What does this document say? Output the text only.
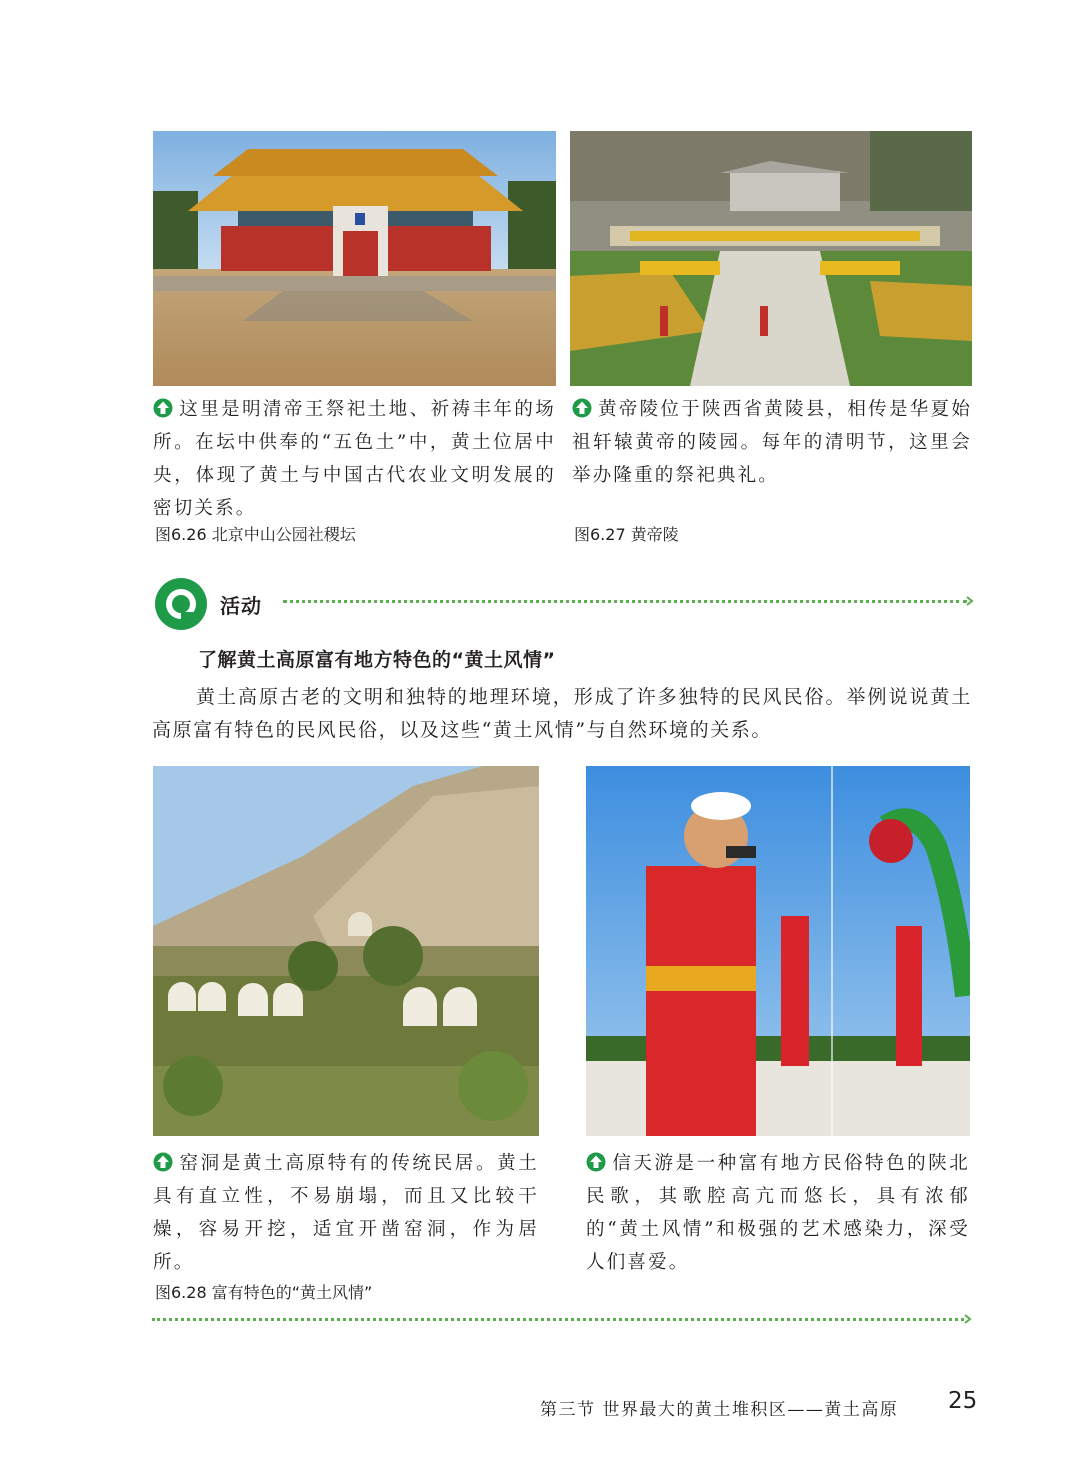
这里是明清帝王祭祀土地、祈祷丰年的场所。在坛中供奉的“五色土”中，黄土位居中央，体现了黄土与中国古代农业文明发展的密切关系。
黄帝陵位于陕西省黄陵县，相传是华夏始祖轩辕黄帝的陵园。每年的清明节，这里会举办隆重的祭祀典礼。
图6.26 北京中山公园社稷坛	图6.27 黄帝陵
活动
了解黄土高原富有地方特色的“黄土风情”
黄土高原古老的文明和独特的地理环境，形成了许多独特的民风民俗。举例说说黄土高原富有特色的民风民俗，以及这些“黄土风情”与自然环境的关系。
窑洞是黄土高原特有的传统民居。黄土具有直立性，不易崩塌，而且又比较干燥，容易开挖，适宜开凿窑洞，作为居所。
信天游是一种富有地方民俗特色的陕北民歌，其歌腔高亢而悠长，具有浓郁的“黄土风情”和极强的艺术感染力，深受人们喜爱。
图6.28 富有特色的“黄土风情”
第三节 世界最大的黄土堆积区——黄土高原 25
